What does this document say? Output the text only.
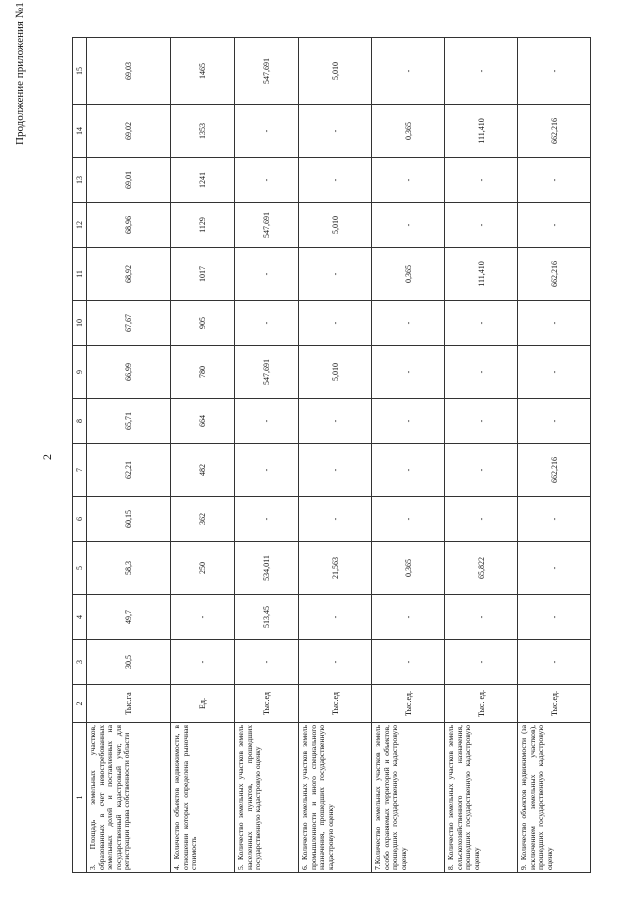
Продолжение приложения №1
2
1	2	3	4	5	6	7	8	9	10	11	12	13	14	15
3. Площадь земельных участков, образованных в счет невостребованных земельных долей и поставленных на государственный кадастровый учет, для регистрации права собственности области	Тыс.га	30,5	49,7	58,3	60,15	62,21	65,71	66,99	67,67	68,92	68,96	69,01	69,02	69,03
4. Количество объектов недвижимости, в отношении которых определена рыночная стоимость	Ед.	-	-	250	362	482	664	780	905	1017	1129	1241	1353	1465
5. Количество земельных участков земель населенных пунктов, прошедших государственную кадастровую оценку	Тыс.ед	-	513,45	534,011	-	-	-	547,691	-	-	547,691	-	-	547,691
6. Количество земельных участков земель промышленности и иного специального назначения, прошедших государственную кадастровую оценку	Тыс.ед	-	-	21,563	-	-	-	5,010	-	-	5,010	-	-	5,010
7.Количество земельных участков земель особо охраняемых территорий и объектов, прошедших государственную кадастровую оценку	Тыс.ед.	-	-	0,365	-	-	-	-	-	0,365	-	-	0,365	-
8. Количество земельных участков земель сельскохозяйственного назначения, прошедших государственную кадастровую оценку	Тыс. ед.	-	-	65,822	-	-	-	-	-	111,410	-	-	111,410	-
9. Количество объектов недвижимости (за исключением земельных участков), прошедших государственную кадастровую оценку	Тыс.ед.	-	-	-	-	662,216	-	-	-	662,216	-	-	662,216	-
